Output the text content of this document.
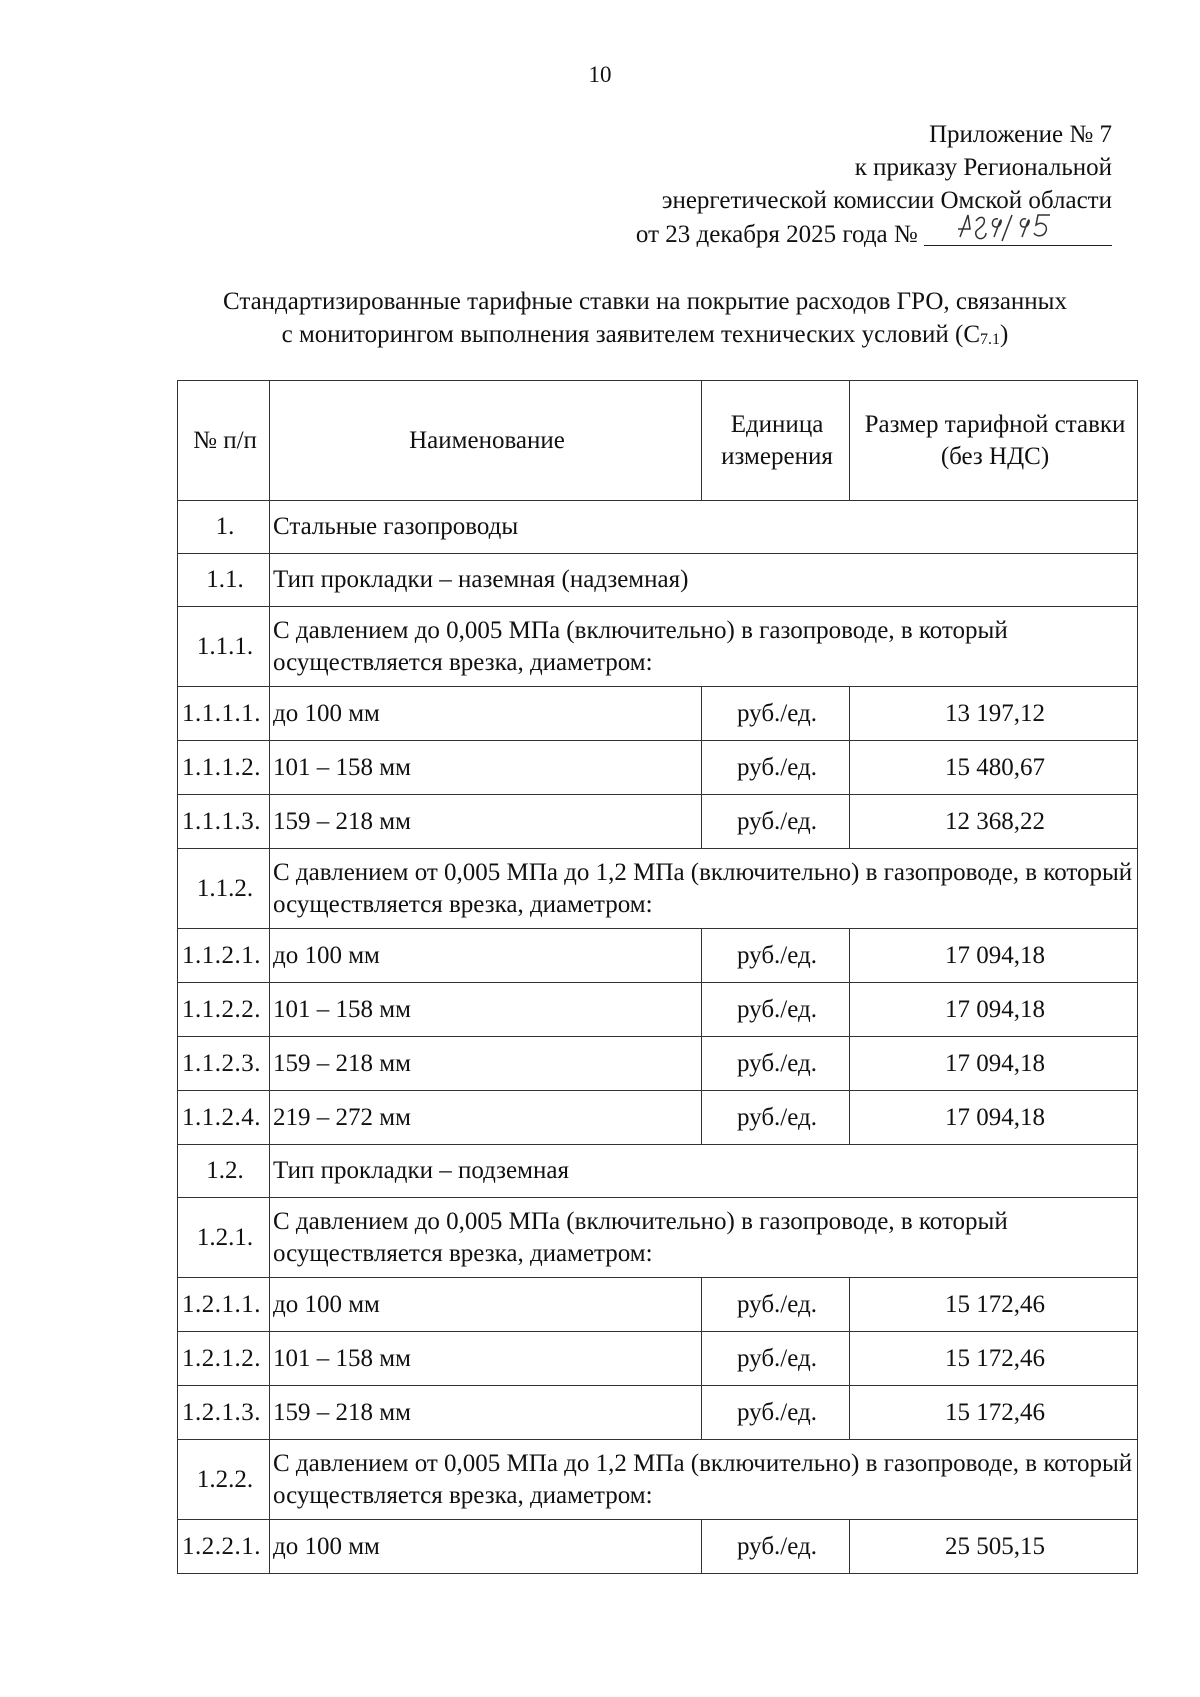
10
Приложение № 7
к приказу Региональной
энергетической комиссии Омской области
от 23 декабря 2025 года №
Стандартизированные тарифные ставки на покрытие расходов ГРО, связанных
с мониторингом выполнения заявителем технических условий $(С_{7.1})$
№ п/п	Наименование	Единица измерения	Размер тарифной ставки (без НДС)
1.	Стальные газопроводы		
1.1.	Тип прокладки – наземная (надземная)		
1.1.1.	С давлением до 0,005 МПа (включительно) в газопроводе, в который осуществляется врезка, диаметром:		
1.1.1.1.	до 100 мм	руб./ед.	13 197,12
1.1.1.2.	101 – 158 мм	руб./ед.	15 480,67
1.1.1.3.	159 – 218 мм	руб./ед.	12 368,22
1.1.2.	С давлением от 0,005 МПа до 1,2 МПа (включительно) в газопроводе, в который осуществляется врезка, диаметром:		
1.1.2.1.	до 100 мм	руб./ед.	17 094,18
1.1.2.2.	101 – 158 мм	руб./ед.	17 094,18
1.1.2.3.	159 – 218 мм	руб./ед.	17 094,18
1.1.2.4.	219 – 272 мм	руб./ед.	17 094,18
1.2.	Тип прокладки – подземная		
1.2.1.	С давлением до 0,005 МПа (включительно) в газопроводе, в который осуществляется врезка, диаметром:		
1.2.1.1.	до 100 мм	руб./ед.	15 172,46
1.2.1.2.	101 – 158 мм	руб./ед.	15 172,46
1.2.1.3.	159 – 218 мм	руб./ед.	15 172,46
1.2.2.	С давлением от 0,005 МПа до 1,2 МПа (включительно) в газопроводе, в который осуществляется врезка, диаметром:		
1.2.2.1.	до 100 мм	руб./ед.	25 505,15
